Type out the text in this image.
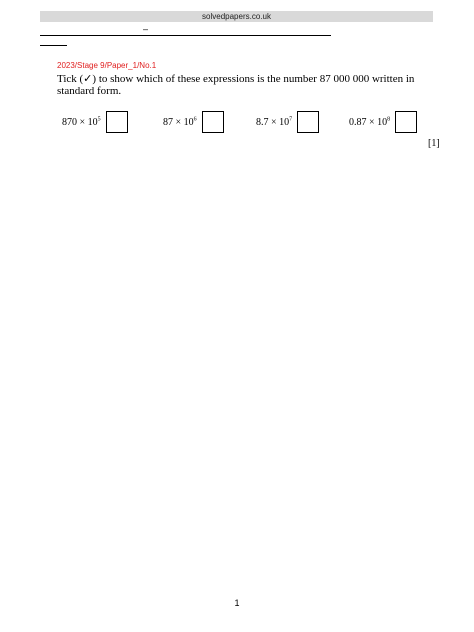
solvedpapers.co.uk
–
2023/Stage 9/Paper_1/No.1
Tick (✓) to show which of these expressions is the number 87 000 000 written in standard form.
$870 \times 10^5$	$87 \times 10^6$	$8.7 \times 10^7$	$0.87 \times 10^8$
[1]
1
